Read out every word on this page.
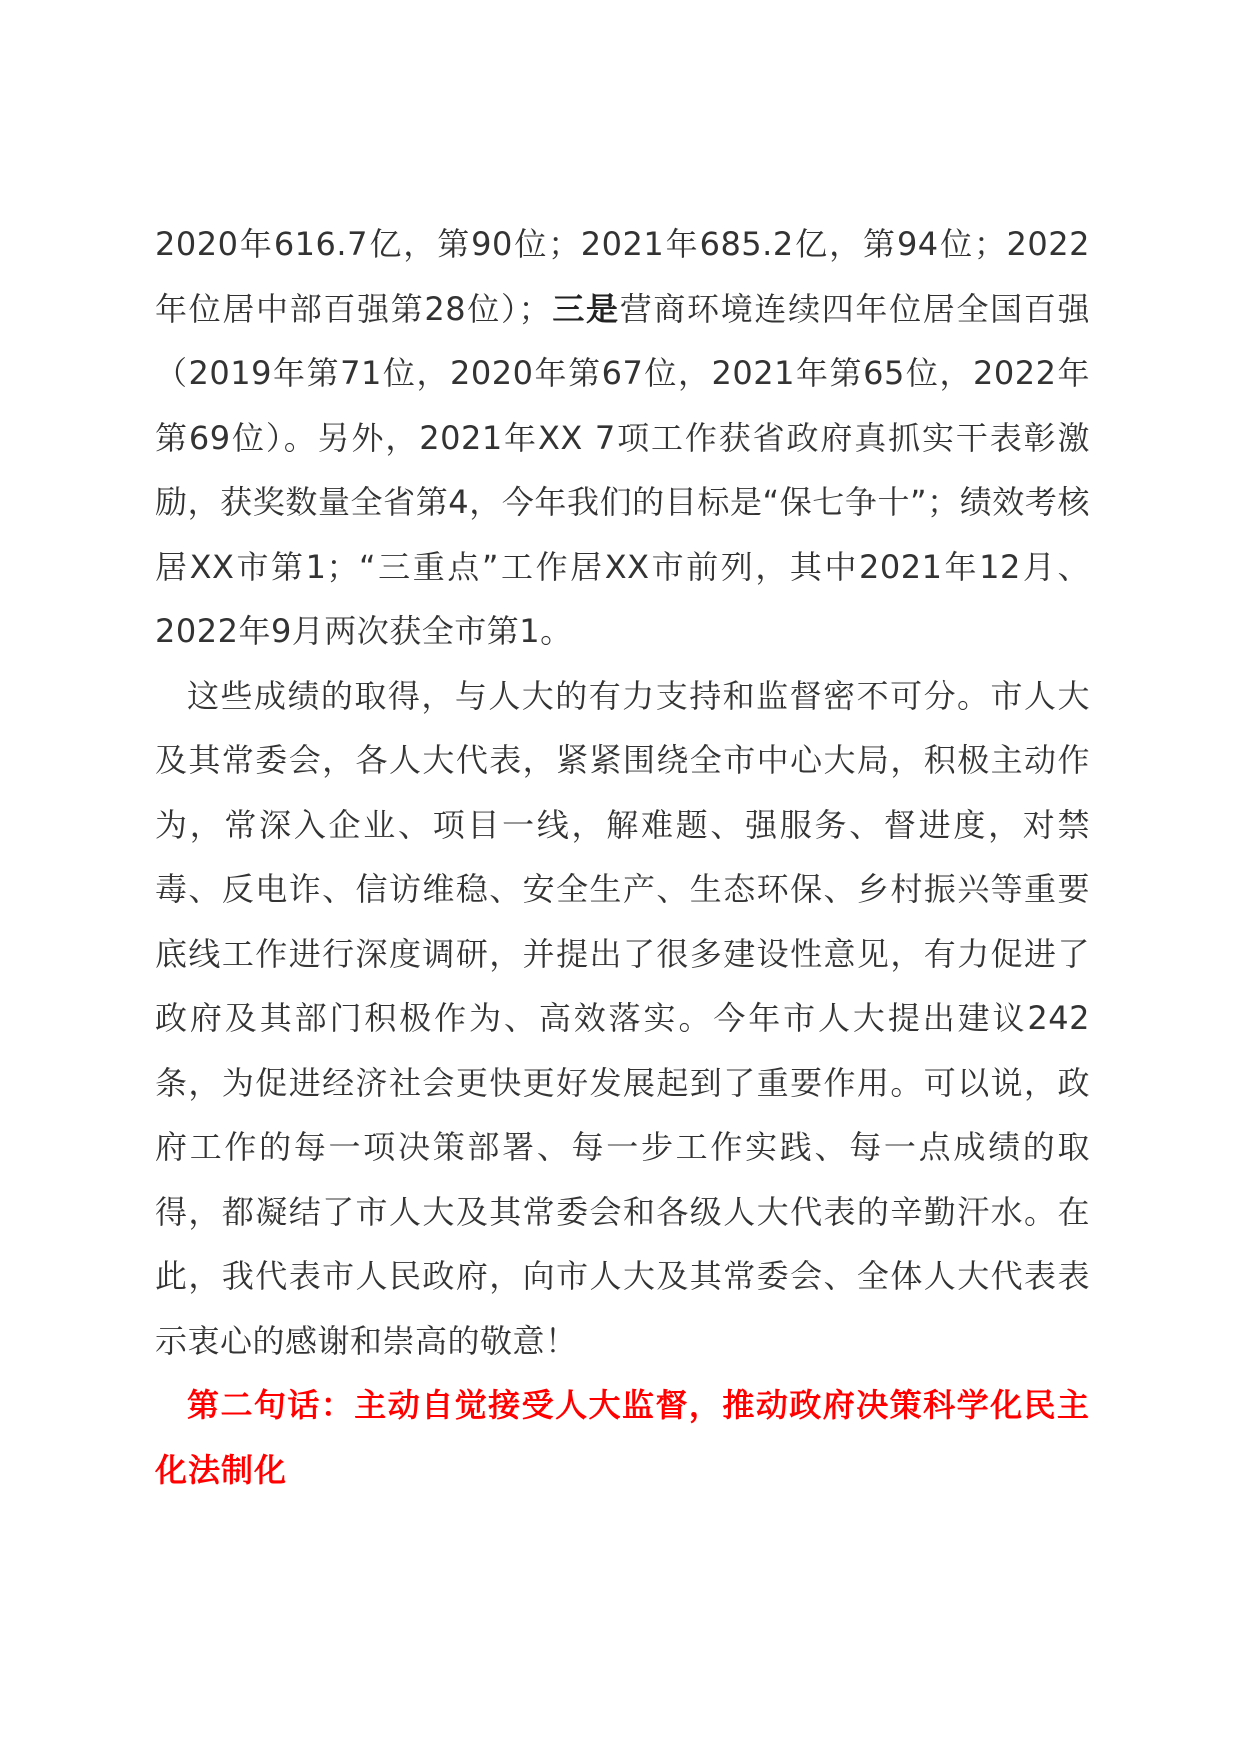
2020年616.7亿，第90位；2021年685.2亿，第94位；2022年位居中部百强第28位）；三是营商环境连续四年位居全国百强（2019年第71位，2020年第67位，2021年第65位，2022年第69位）。另外，2021年XX 7项工作获省政府真抓实干表彰激励，获奖数量全省第4，今年我们的目标是“保七争十”；绩效考核居XX市第1；“三重点”工作居XX市前列，其中2021年12月、2022年9月两次获全市第1。

这些成绩的取得，与人大的有力支持和监督密不可分。市人大及其常委会，各人大代表，紧紧围绕全市中心大局，积极主动作为，常深入企业、项目一线，解难题、强服务、督进度，对禁毒、反电诈、信访维稳、安全生产、生态环保、乡村振兴等重要底线工作进行深度调研，并提出了很多建设性意见，有力促进了政府及其部门积极作为、高效落实。今年市人大提出建议242条，为促进经济社会更快更好发展起到了重要作用。可以说，政府工作的每一项决策部署、每一步工作实践、每一点成绩的取得，都凝结了市人大及其常委会和各级人大代表的辛勤汗水。在此，我代表市人民政府，向市人大及其常委会、全体人大代表表示衷心的感谢和崇高的敬意！

第二句话：主动自觉接受人大监督，推动政府决策科学化民主化法制化
